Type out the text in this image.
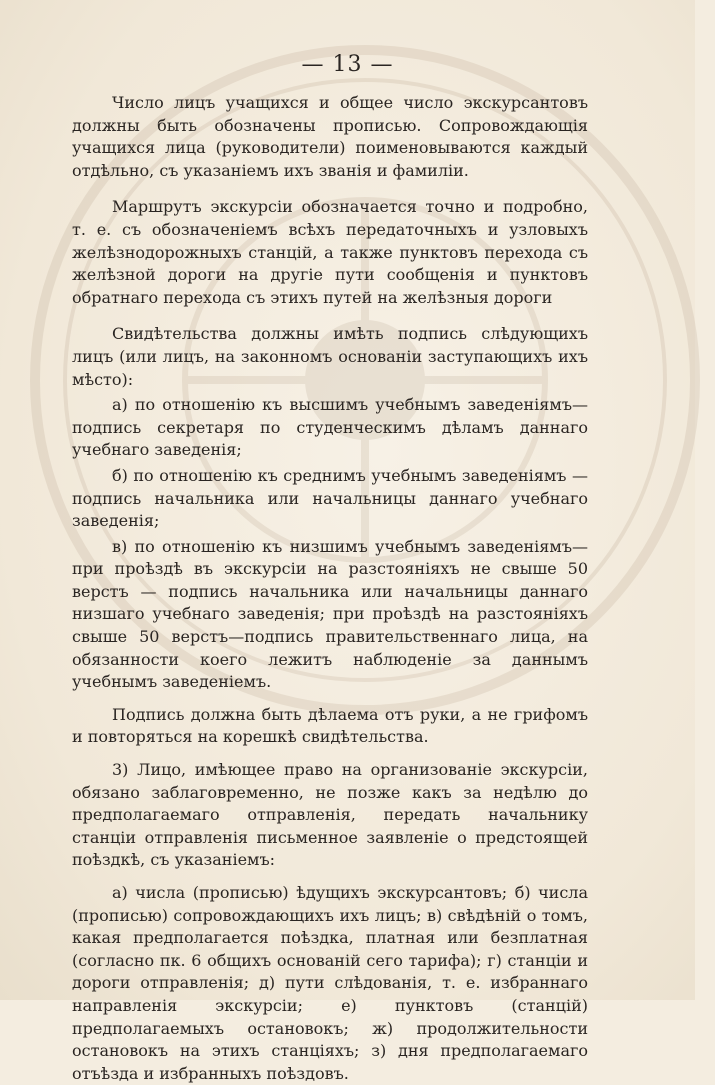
— 13 —

Число лицъ учащихся и общее число экскурсантовъ должны быть обозначены прописью. Сопровождающія учащихся лица (руководители) поименовываются каждый отдѣльно, съ указаніемъ ихъ званія и фамиліи.

Маршрутъ экскурсіи обозначается точно и подробно, т. е. съ обозначеніемъ всѣхъ передаточныхъ и узловыхъ желѣзнодорожныхъ станцій, а также пунктовъ перехода съ желѣзной дороги на другіе пути сообщенія и пунктовъ обратнаго перехода съ этихъ путей на желѣзныя дороги

Свидѣтельства должны имѣть подпись слѣдующихъ лицъ (или лицъ, на законномъ основаніи заступающихъ ихъ мѣсто):

а) по отношенію къ высшимъ учебнымъ заведеніямъ— подпись секретаря по студенческимъ дѣламъ даннаго учебнаго заведенія;

б) по отношенію къ среднимъ учебнымъ заведеніямъ — подпись начальника или начальницы даннаго учебнаго заведенія;

в) по отношенію къ низшимъ учебнымъ заведеніямъ— при проѣздѣ въ экскурсіи на разстояніяхъ не свыше 50 верстъ — подпись начальника или начальницы даннаго низшаго учебнаго заведенія; при проѣздѣ на разстояніяхъ свыше 50 верстъ—подпись правительственнаго лица, на обязанности коего лежитъ наблюденіе за даннымъ учебнымъ заведеніемъ.

Подпись должна быть дѣлаема отъ руки, а не грифомъ и повторяться на корешкѣ свидѣтельства.

3) Лицо, имѣющее право на организованіе экскурсіи, обязано заблаговременно, не позже какъ за недѣлю до предполагаемаго отправленія, передать начальнику станціи отправленія письменное заявленіе о предстоящей поѣздкѣ, съ указаніемъ:

а) числа (прописью) ѣдущихъ экскурсантовъ; б) числа (прописью) сопровождающихъ ихъ лицъ; в) свѣдѣній о томъ, какая предполагается поѣздка, платная или безплатная (согласно пк. 6 общихъ основаній сего тарифа); г) станціи и дороги отправленія; д) пути слѣдованія, т. е. избраннаго направленія экскурсіи; е) пунктовъ (станцій) предполагаемыхъ остановокъ; ж) продолжительности остановокъ на этихъ станціяхъ; з) дня предполагаемаго отъѣзда и избранныхъ поѣздовъ.
